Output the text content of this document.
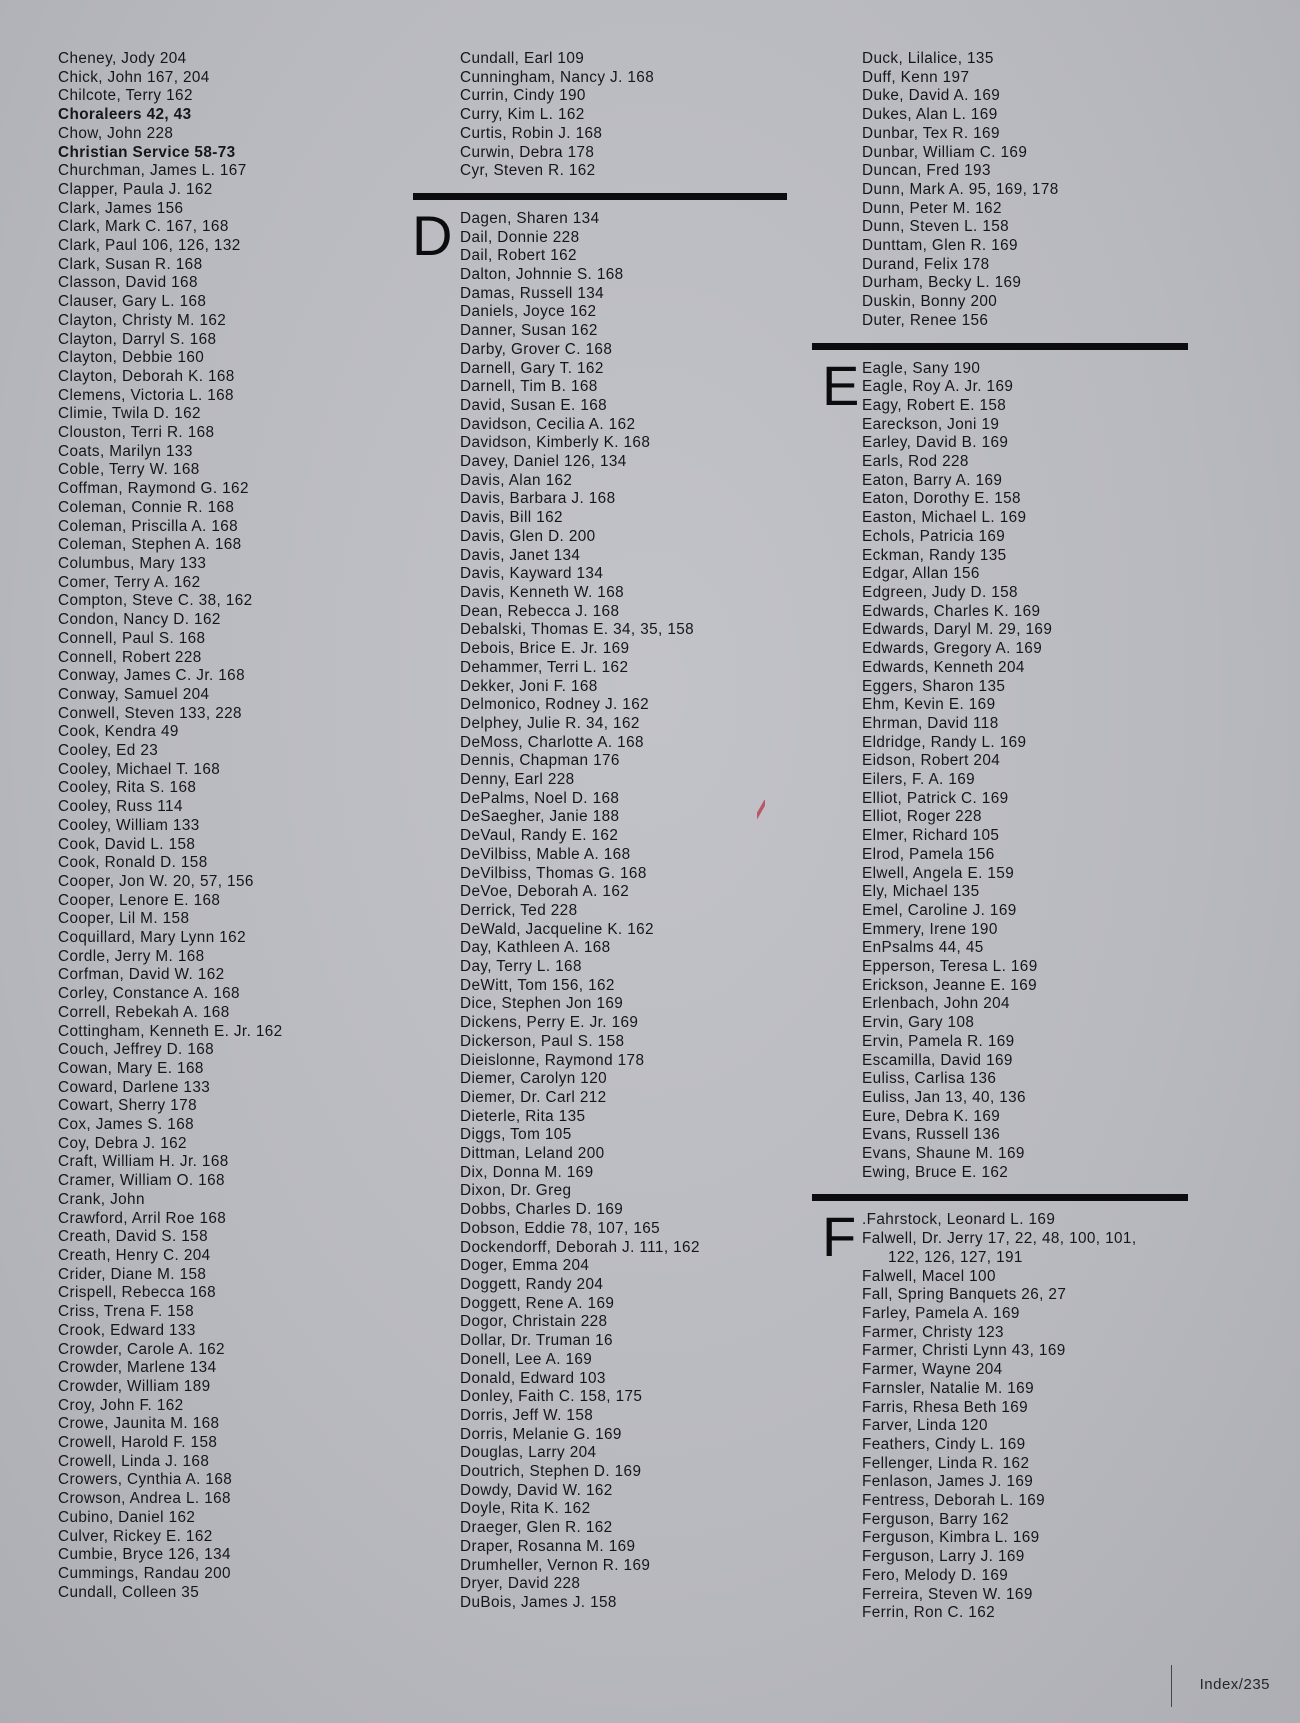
Cheney, Jody 204
Chick, John 167, 204
Chilcote, Terry 162
Choraleers 42, 43
Chow, John 228
Christian Service 58-73
Churchman, James L. 167
Clapper, Paula J. 162
Clark, James 156
Clark, Mark C. 167, 168
Clark, Paul 106, 126, 132
Clark, Susan R. 168
Classon, David 168
Clauser, Gary L. 168
Clayton, Christy M. 162
Clayton, Darryl S. 168
Clayton, Debbie 160
Clayton, Deborah K. 168
Clemens, Victoria L. 168
Climie, Twila D. 162
Clouston, Terri R. 168
Coats, Marilyn 133
Coble, Terry W. 168
Coffman, Raymond G. 162
Coleman, Connie R. 168
Coleman, Priscilla A. 168
Coleman, Stephen A. 168
Columbus, Mary 133
Comer, Terry A. 162
Compton, Steve C. 38, 162
Condon, Nancy D. 162
Connell, Paul S. 168
Connell, Robert 228
Conway, James C. Jr. 168
Conway, Samuel 204
Conwell, Steven 133, 228
Cook, Kendra 49
Cooley, Ed 23
Cooley, Michael T. 168
Cooley, Rita S. 168
Cooley, Russ 114
Cooley, William 133
Cook, David L. 158
Cook, Ronald D. 158
Cooper, Jon W. 20, 57, 156
Cooper, Lenore E. 168
Cooper, Lil M. 158
Coquillard, Mary Lynn 162
Cordle, Jerry M. 168
Corfman, David W. 162
Corley, Constance A. 168
Correll, Rebekah A. 168
Cottingham, Kenneth E. Jr. 162
Couch, Jeffrey D. 168
Cowan, Mary E. 168
Coward, Darlene 133
Cowart, Sherry 178
Cox, James S. 168
Coy, Debra J. 162
Craft, William H. Jr. 168
Cramer, William O. 168
Crank, John
Crawford, Arril Roe 168
Creath, David S. 158
Creath, Henry C. 204
Crider, Diane M. 158
Crispell, Rebecca 168
Criss, Trena F. 158
Crook, Edward 133
Crowder, Carole A. 162
Crowder, Marlene 134
Crowder, William 189
Croy, John F. 162
Crowe, Jaunita M. 168
Crowell, Harold F. 158
Crowell, Linda J. 168
Crowers, Cynthia A. 168
Crowson, Andrea L. 168
Cubino, Daniel 162
Culver, Rickey E. 162
Cumbie, Bryce 126, 134
Cummings, Randau 200
Cundall, Colleen 35
Cundall, Earl 109
Cunningham, Nancy J. 168
Currin, Cindy 190
Curry, Kim L. 162
Curtis, Robin J. 168
Curwin, Debra 178
Cyr, Steven R. 162
D Dagen, Sharen 134
Dail, Donnie 228
Dail, Robert 162
Dalton, Johnnie S. 168
Damas, Russell 134
Daniels, Joyce 162
Danner, Susan 162
Darby, Grover C. 168
Darnell, Gary T. 162
Darnell, Tim B. 168
David, Susan E. 168
Davidson, Cecilia A. 162
Davidson, Kimberly K. 168
Davey, Daniel 126, 134
Davis, Alan 162
Davis, Barbara J. 168
Davis, Bill 162
Davis, Glen D. 200
Davis, Janet 134
Davis, Kayward 134
Davis, Kenneth W. 168
Dean, Rebecca J. 168
Debalski, Thomas E. 34, 35, 158
Debois, Brice E. Jr. 169
Dehammer, Terri L. 162
Dekker, Joni F. 168
Delmonico, Rodney J. 162
Delphey, Julie R. 34, 162
DeMoss, Charlotte A. 168
Dennis, Chapman 176
Denny, Earl 228
DePalms, Noel D. 168
DeSaegher, Janie 188
DeVaul, Randy E. 162
DeVilbiss, Mable A. 168
DeVilbiss, Thomas G. 168
DeVoe, Deborah A. 162
Derrick, Ted 228
DeWald, Jacqueline K. 162
Day, Kathleen A. 168
Day, Terry L. 168
DeWitt, Tom 156, 162
Dice, Stephen Jon 169
Dickens, Perry E. Jr. 169
Dickerson, Paul S. 158
Dieislonne, Raymond 178
Diemer, Carolyn 120
Diemer, Dr. Carl 212
Dieterle, Rita 135
Diggs, Tom 105
Dittman, Leland 200
Dix, Donna M. 169
Dixon, Dr. Greg
Dobbs, Charles D. 169
Dobson, Eddie 78, 107, 165
Dockendorff, Deborah J. 111, 162
Doger, Emma 204
Doggett, Randy 204
Doggett, Rene A. 169
Dogor, Christain 228
Dollar, Dr. Truman 16
Donell, Lee A. 169
Donald, Edward 103
Donley, Faith C. 158, 175
Dorris, Jeff W. 158
Dorris, Melanie G. 169
Douglas, Larry 204
Doutrich, Stephen D. 169
Dowdy, David W. 162
Doyle, Rita K. 162
Draeger, Glen R. 162
Draper, Rosanna M. 169
Drumheller, Vernon R. 169
Dryer, David 228
DuBois, James J. 158
Duck, Lilalice, 135
Duff, Kenn 197
Duke, David A. 169
Dukes, Alan L. 169
Dunbar, Tex R. 169
Dunbar, William C. 169
Duncan, Fred 193
Dunn, Mark A. 95, 169, 178
Dunn, Peter M. 162
Dunn, Steven L. 158
Dunttam, Glen R. 169
Durand, Felix 178
Durham, Becky L. 169
Duskin, Bonny 200
Duter, Renee 156
E Eagle, Sany 190
Eagle, Roy A. Jr. 169
Eagy, Robert E. 158
Eareckson, Joni 19
Earley, David B. 169
Earls, Rod 228
Eaton, Barry A. 169
Eaton, Dorothy E. 158
Easton, Michael L. 169
Echols, Patricia 169
Eckman, Randy 135
Edgar, Allan 156
Edgreen, Judy D. 158
Edwards, Charles K. 169
Edwards, Daryl M. 29, 169
Edwards, Gregory A. 169
Edwards, Kenneth 204
Eggers, Sharon 135
Ehm, Kevin E. 169
Ehrman, David 118
Eldridge, Randy L. 169
Eidson, Robert 204
Eilers, F. A. 169
Elliot, Patrick C. 169
Elliot, Roger 228
Elmer, Richard 105
Elrod, Pamela 156
Elwell, Angela E. 159
Ely, Michael 135
Emel, Caroline J. 169
Emmery, Irene 190
EnPsalms 44, 45
Epperson, Teresa L. 169
Erickson, Jeanne E. 169
Erlenbach, John 204
Ervin, Gary 108
Ervin, Pamela R. 169
Escamilla, David 169
Euliss, Carlisa 136
Euliss, Jan 13, 40, 136
Eure, Debra K. 169
Evans, Russell 136
Evans, Shaune M. 169
Ewing, Bruce E. 162
F .Fahrstock, Leonard L. 169
Falwell, Dr. Jerry 17, 22, 48, 100, 101,
122, 126, 127, 191
Falwell, Macel 100
Fall, Spring Banquets 26, 27
Farley, Pamela A. 169
Farmer, Christy 123
Farmer, Christi Lynn 43, 169
Farmer, Wayne 204
Farnsler, Natalie M. 169
Farris, Rhesa Beth 169
Farver, Linda 120
Feathers, Cindy L. 169
Fellenger, Linda R. 162
Fenlason, James J. 169
Fentress, Deborah L. 169
Ferguson, Barry 162
Ferguson, Kimbra L. 169
Ferguson, Larry J. 169
Fero, Melody D. 169
Ferreira, Steven W. 169
Ferrin, Ron C. 162
Index/235
